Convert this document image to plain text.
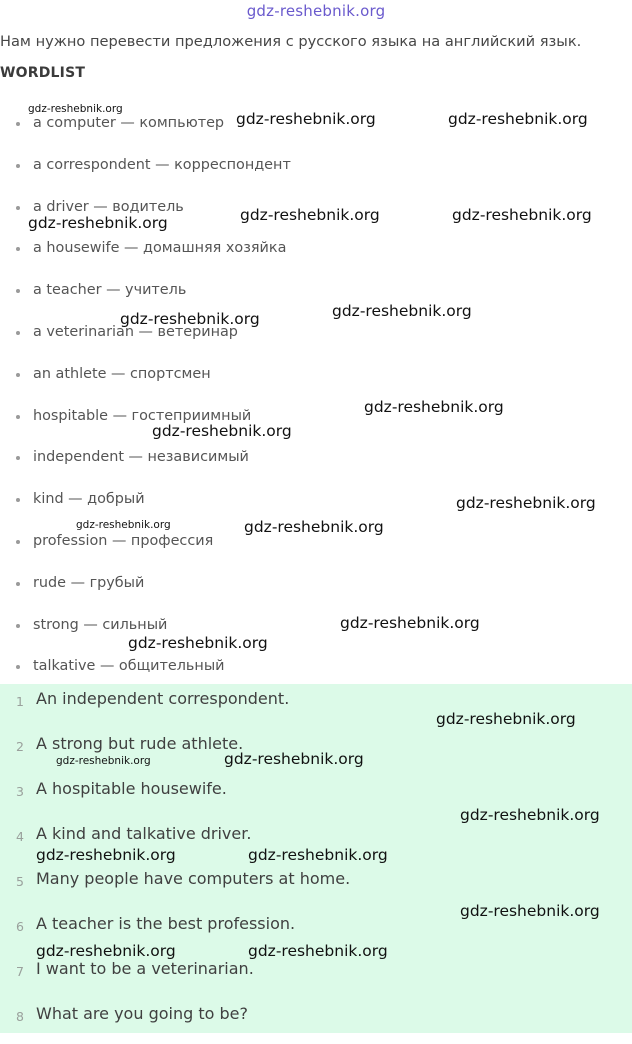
gdz-reshebnik.org
Нам нужно перевести предложения с русского языка на английский язык.
WORDLIST
a computer — компьютер
a correspondent — корреспондент
a driver — водитель
a housewife — домашняя хозяйка
a teacher — учитель
a veterinarian — ветеринар
an athlete — спортсмен
hospitable — гостеприимный
independent — независимый
kind — добрый
profession — профессия
rude — грубый
strong — сильный
talkative — общительный
1 An independent correspondent.
2 A strong but rude athlete.
3 A hospitable housewife.
4 A kind and talkative driver.
5 Many people have computers at home.
6 A teacher is the best profession.
7 I want to be a veterinarian.
8 What are you going to be?
gdz-reshebnik.org
gdz-reshebnik.org	gdz-reshebnik.org
gdz-reshebnik.org	gdz-reshebnik.org	gdz-reshebnik.org
gdz-reshebnik.org	gdz-reshebnik.org
gdz-reshebnik.org
gdz-reshebnik.org
gdz-reshebnik.org
gdz-reshebnik.org	gdz-reshebnik.org
gdz-reshebnik.org
gdz-reshebnik.org
gdz-reshebnik.org
gdz-reshebnik.org	gdz-reshebnik.org
gdz-reshebnik.org
gdz-reshebnik.org	gdz-reshebnik.org
gdz-reshebnik.org
gdz-reshebnik.org	gdz-reshebnik.org
